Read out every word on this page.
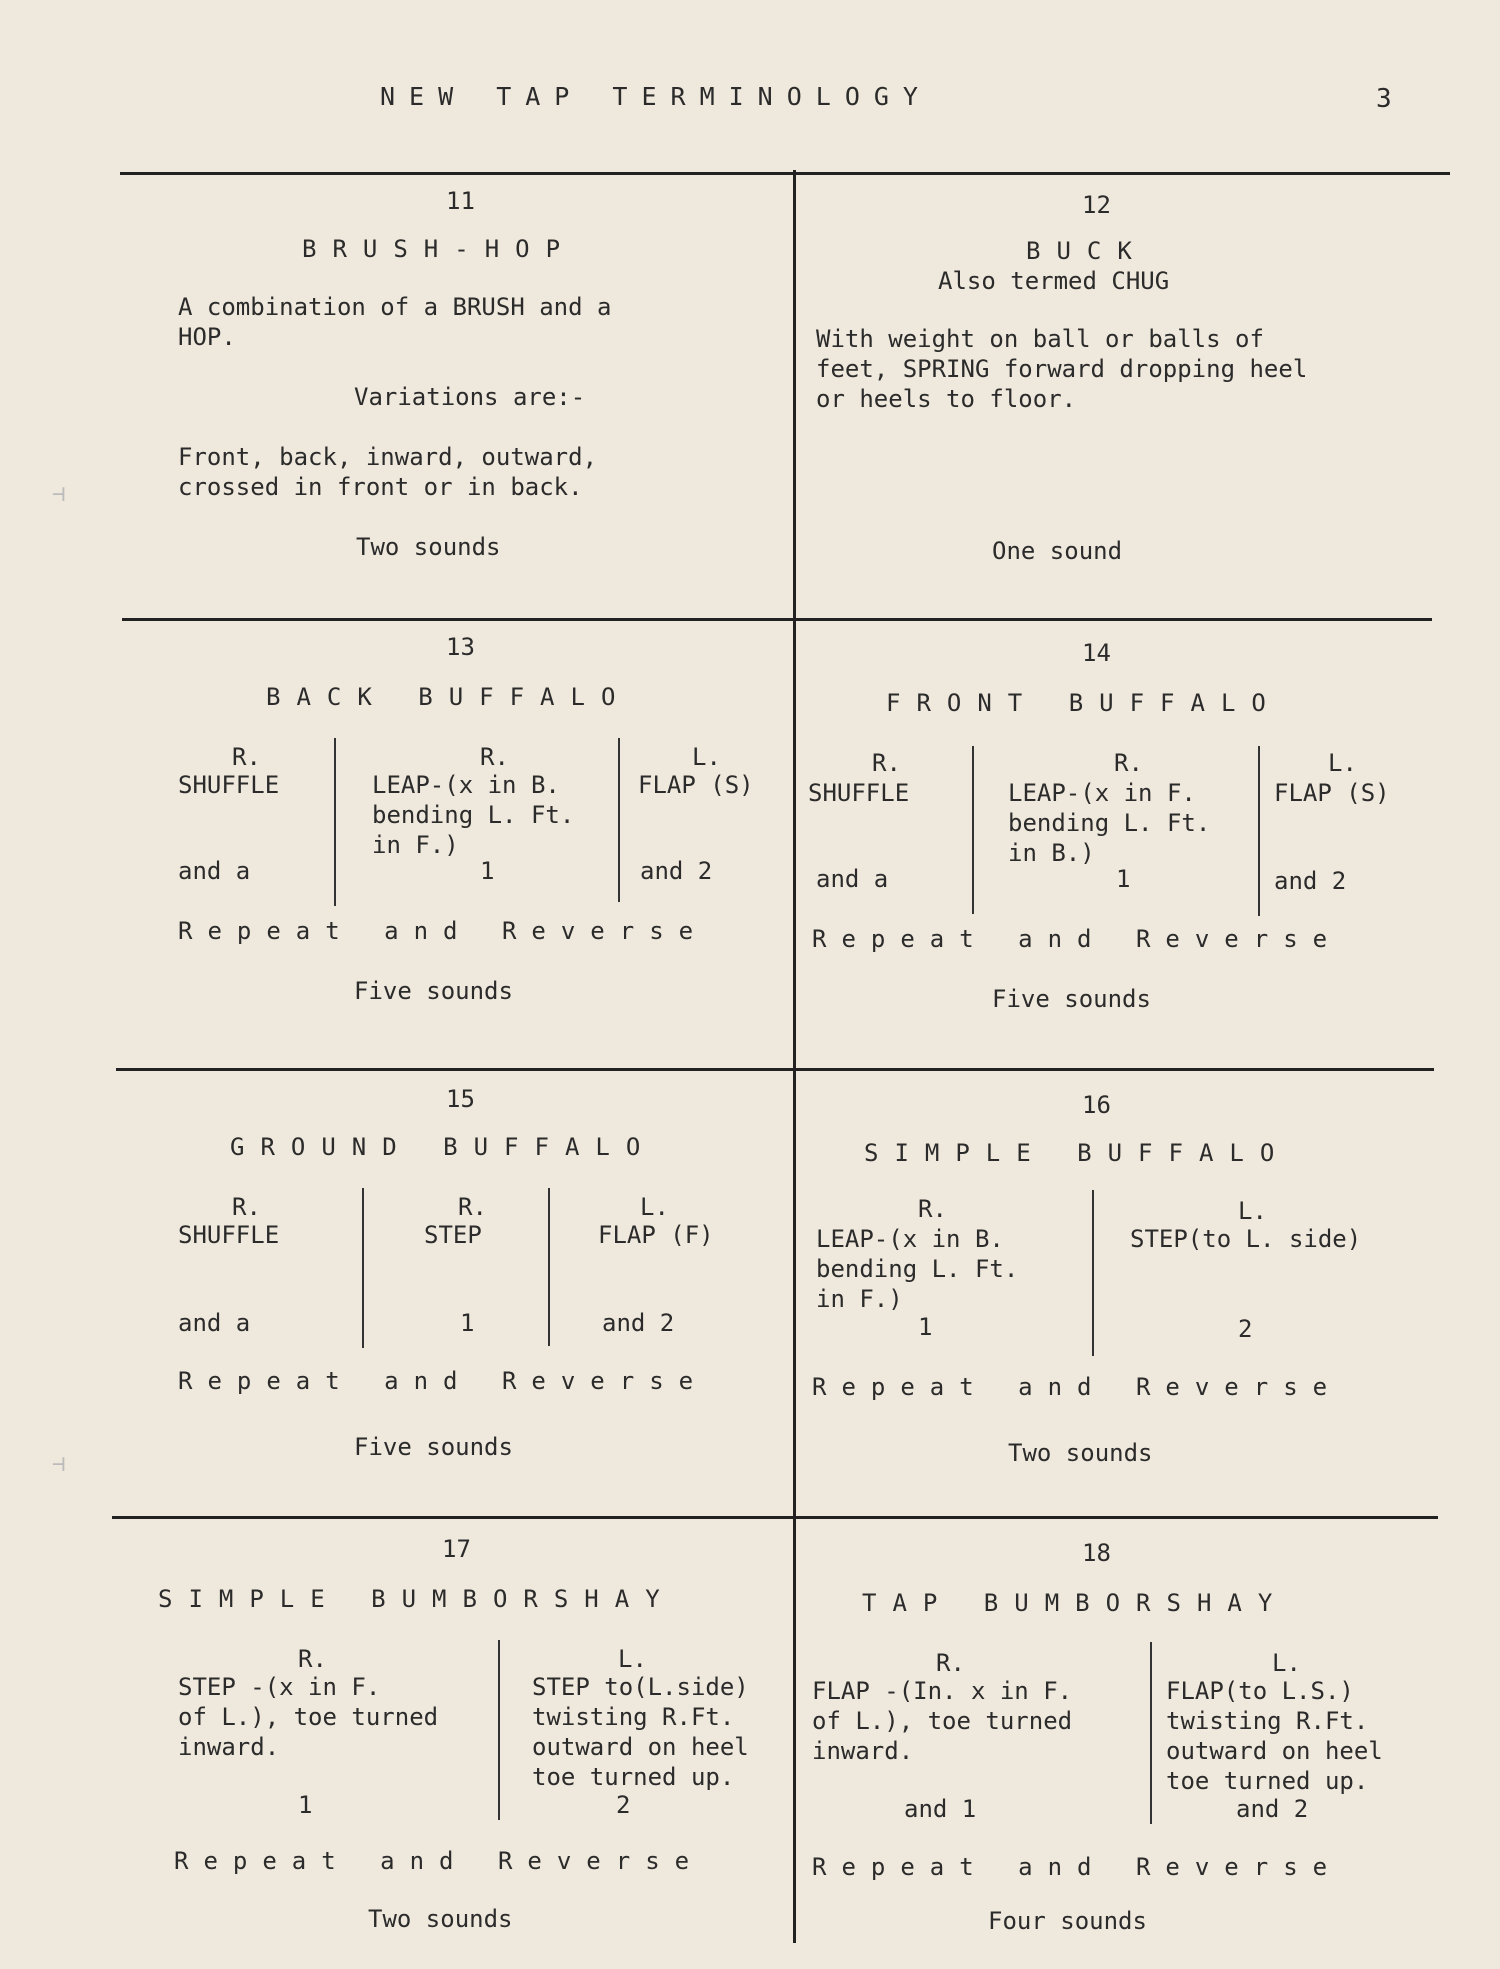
NEW TAP TERMINOLOGY	3
⊣
⊣
11
BRUSH-HOP
A combination of a BRUSH and a
HOP.
Variations are:-
Front, back, inward, outward,
crossed in front or in back.
Two sounds
12
BUCK
Also termed CHUG
With weight on ball or balls of
feet, SPRING forward dropping heel
or heels to floor.
One sound
13
BACK BUFFALO
R.
SHUFFLE
and a
R.
LEAP-(x in B.
bending L. Ft.
in F.)
1
L.
FLAP (S)
and 2
Repeat and Reverse
Five sounds
14
FRONT BUFFALO
R.
SHUFFLE
and a
R.
LEAP-(x in F.
bending L. Ft.
in B.)
1
L.
FLAP (S)
and 2
Repeat and Reverse
Five sounds
15
GROUND BUFFALO
R.
SHUFFLE
and a
R.
STEP
1
L.
FLAP (F)
and 2
Repeat and Reverse
Five sounds
16
SIMPLE BUFFALO
R.
LEAP-(x in B.
bending L. Ft.
in F.)
1
L.
STEP(to L. side)
2
Repeat and Reverse
Two sounds
17
SIMPLE BUMBORSHAY
R.
STEP -(x in F.
of L.), toe turned
inward.
1
L.
STEP to(L.side)
twisting R.Ft.
outward on heel
toe turned up.
2
Repeat and Reverse
Two sounds
18
TAP BUMBORSHAY
R.
FLAP -(In. x in F.
of L.), toe turned
inward.
and 1
L.
FLAP(to L.S.)
twisting R.Ft.
outward on heel
toe turned up.
and 2
Repeat and Reverse
Four sounds
